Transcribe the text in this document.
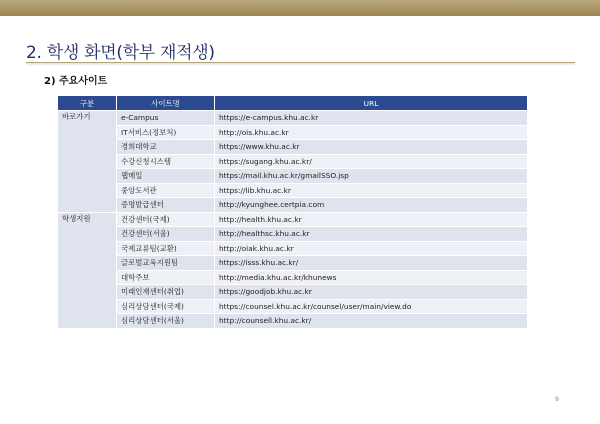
2. 학생 화면(학부 재적생)
2) 주요사이트
구분	사이트명	URL
바로가기	e-Campus	https://e-campus.khu.ac.kr
	IT서비스(정보처)	http://ois.khu.ac.kr
	경희대학교	https://www.khu.ac.kr
	수강신청시스템	https://sugang.khu.ac.kr/
	웹메일	https://mail.khu.ac.kr/gmailSSO.jsp
	중앙도서관	https://lib.khu.ac.kr
	증명발급센터	http://kyunghee.certpia.com
학생지원	건강센터(국제)	http://health.khu.ac.kr
	건강센터(서울)	http://healthsc.khu.ac.kr
	국제교류팀(교환)	http://oiak.khu.ac.kr
	글로벌교육지원팀	https://isss.khu.ac.kr/
	대학주보	http://media.khu.ac.kr/khunews
	미래인재센터(취업)	https://goodjob.khu.ac.kr
	심리상담센터(국제)	https://counsel.khu.ac.kr/counsel/user/main/view.do
	심리상담센터(서울)	http://counsell.khu.ac.kr/
9
